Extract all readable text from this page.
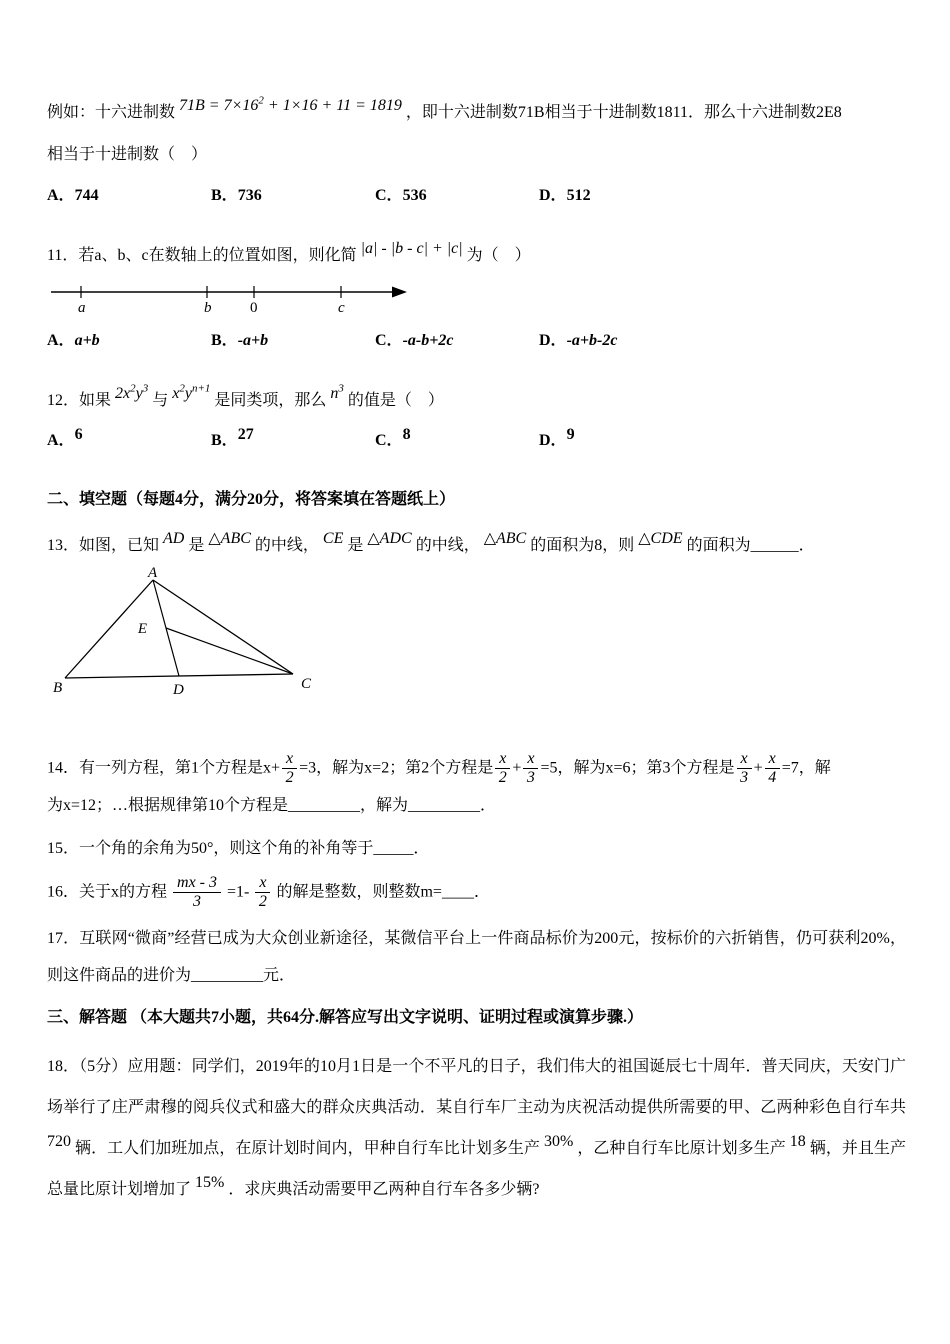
例如：十六进制数 $71B = 7\times 16^2 + 1\times 16 + 11 = 1819$ ，即十六进制数71B相当于十进制数1811．那么十六进制数2E8

相当于十进制数（　）

A．744	B．736	C．536	D．512

11．若a、b、c在数轴上的位置如图，则化简 |a| - |b - c| + |c| 为（　）

a	b	0	c
A．a+b	B．-a+b	C．-a-b+2c	D．-a+b-2c

12．如果 $2x^2y^3$ 与 $x^2y^{n+1}$ 是同类项，那么 $n^3$ 的值是（　）

A．6	B．27	C．8	D．9

二、填空题（每题4分，满分20分，将答案填在答题纸上）

13．如图，已知 AD 是 △ABC 的中线， CE 是 △ADC 的中线， △ABC 的面积为8，则 △CDE 的面积为______．

A
B	C
D
E

14．有一列方程，第1个方程是$x+ \frac{x}{2} =3$，解为x=2；第2个方程是 $\frac{x}{2} + \frac{x}{3} =5$，解为x=6；第3个方程是 $\frac{x}{3} + \frac{x}{4} =7$，解

为x=12；…根据规律第10个方程是_________，解为_________．

15．一个角的余角为50°，则这个角的补角等于_____．

16．关于x的方程 $\frac{mx - 3}{3} =1- \frac{x}{2}$ 的解是整数，则整数m=____．

17．互联网“微商”经营已成为大众创业新途径，某微信平台上一件商品标价为200元，按标价的六折销售，仍可获利20%，则这件商品的进价为_________元．

三、解答题 （本大题共7小题，共64分.解答应写出文字说明、证明过程或演算步骤.）

18．（5分）应用题：同学们，2019年的10月1日是一个不平凡的日子，我们伟大的祖国诞辰七十周年．普天同庆，天安门广场举行了庄严肃穆的阅兵仪式和盛大的群众庆典活动．某自行车厂主动为庆祝活动提供所需要的甲、乙两种彩色自行车共 720 辆．工人们加班加点，在原计划时间内，甲种自行车比计划多生产 30% ，乙种自行车比原计划多生产 18 辆，并且生产总量比原计划增加了 15% ．求庆典活动需要甲乙两种自行车各多少辆?
